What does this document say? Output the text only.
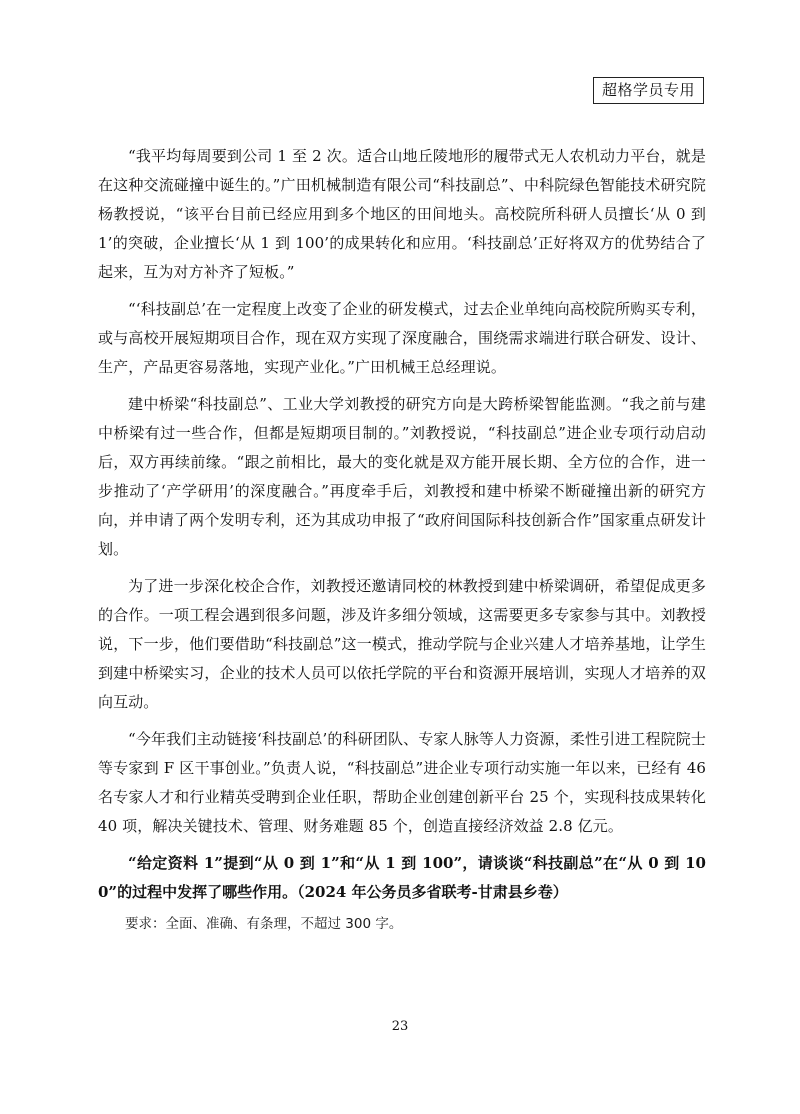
超格学员专用

“我平均每周要到公司 1 至 2 次。适合山地丘陵地形的履带式无人农机动力平台，就是在这种交流碰撞中诞生的。”广田机械制造有限公司“科技副总”、中科院绿色智能技术研究院杨教授说，“该平台目前已经应用到多个地区的田间地头。高校院所科研人员擅长‘从 0 到 1’的突破，企业擅长‘从 1 到 100’的成果转化和应用。‘科技副总’正好将双方的优势结合了起来，互为对方补齐了短板。”

“‘科技副总’在一定程度上改变了企业的研发模式，过去企业单纯向高校院所购买专利，或与高校开展短期项目合作，现在双方实现了深度融合，围绕需求端进行联合研发、设计、生产，产品更容易落地，实现产业化。”广田机械王总经理说。

建中桥梁“科技副总”、工业大学刘教授的研究方向是大跨桥梁智能监测。“我之前与建中桥梁有过一些合作，但都是短期项目制的。”刘教授说，“科技副总”进企业专项行动启动后，双方再续前缘。“跟之前相比，最大的变化就是双方能开展长期、全方位的合作，进一步推动了‘产学研用’的深度融合。”再度牵手后，刘教授和建中桥梁不断碰撞出新的研究方向，并申请了两个发明专利，还为其成功申报了“政府间国际科技创新合作”国家重点研发计划。

为了进一步深化校企合作，刘教授还邀请同校的林教授到建中桥梁调研，希望促成更多的合作。一项工程会遇到很多问题，涉及许多细分领域，这需要更多专家参与其中。刘教授说，下一步，他们要借助“科技副总”这一模式，推动学院与企业兴建人才培养基地，让学生到建中桥梁实习，企业的技术人员可以依托学院的平台和资源开展培训，实现人才培养的双向互动。

“今年我们主动链接‘科技副总’的科研团队、专家人脉等人力资源，柔性引进工程院院士等专家到 F 区干事创业。”负责人说，“科技副总”进企业专项行动实施一年以来，已经有 46 名专家人才和行业精英受聘到企业任职，帮助企业创建创新平台 25 个，实现科技成果转化 40 项，解决关键技术、管理、财务难题 85 个，创造直接经济效益 2.8 亿元。

“给定资料 1”提到“从 0 到 1”和“从 1 到 100”，请谈谈“科技副总”在“从 0 到 100”的过程中发挥了哪些作用。（2024 年公务员多省联考-甘肃县乡卷）

要求：全面、准确、有条理，不超过 300 字。

23
